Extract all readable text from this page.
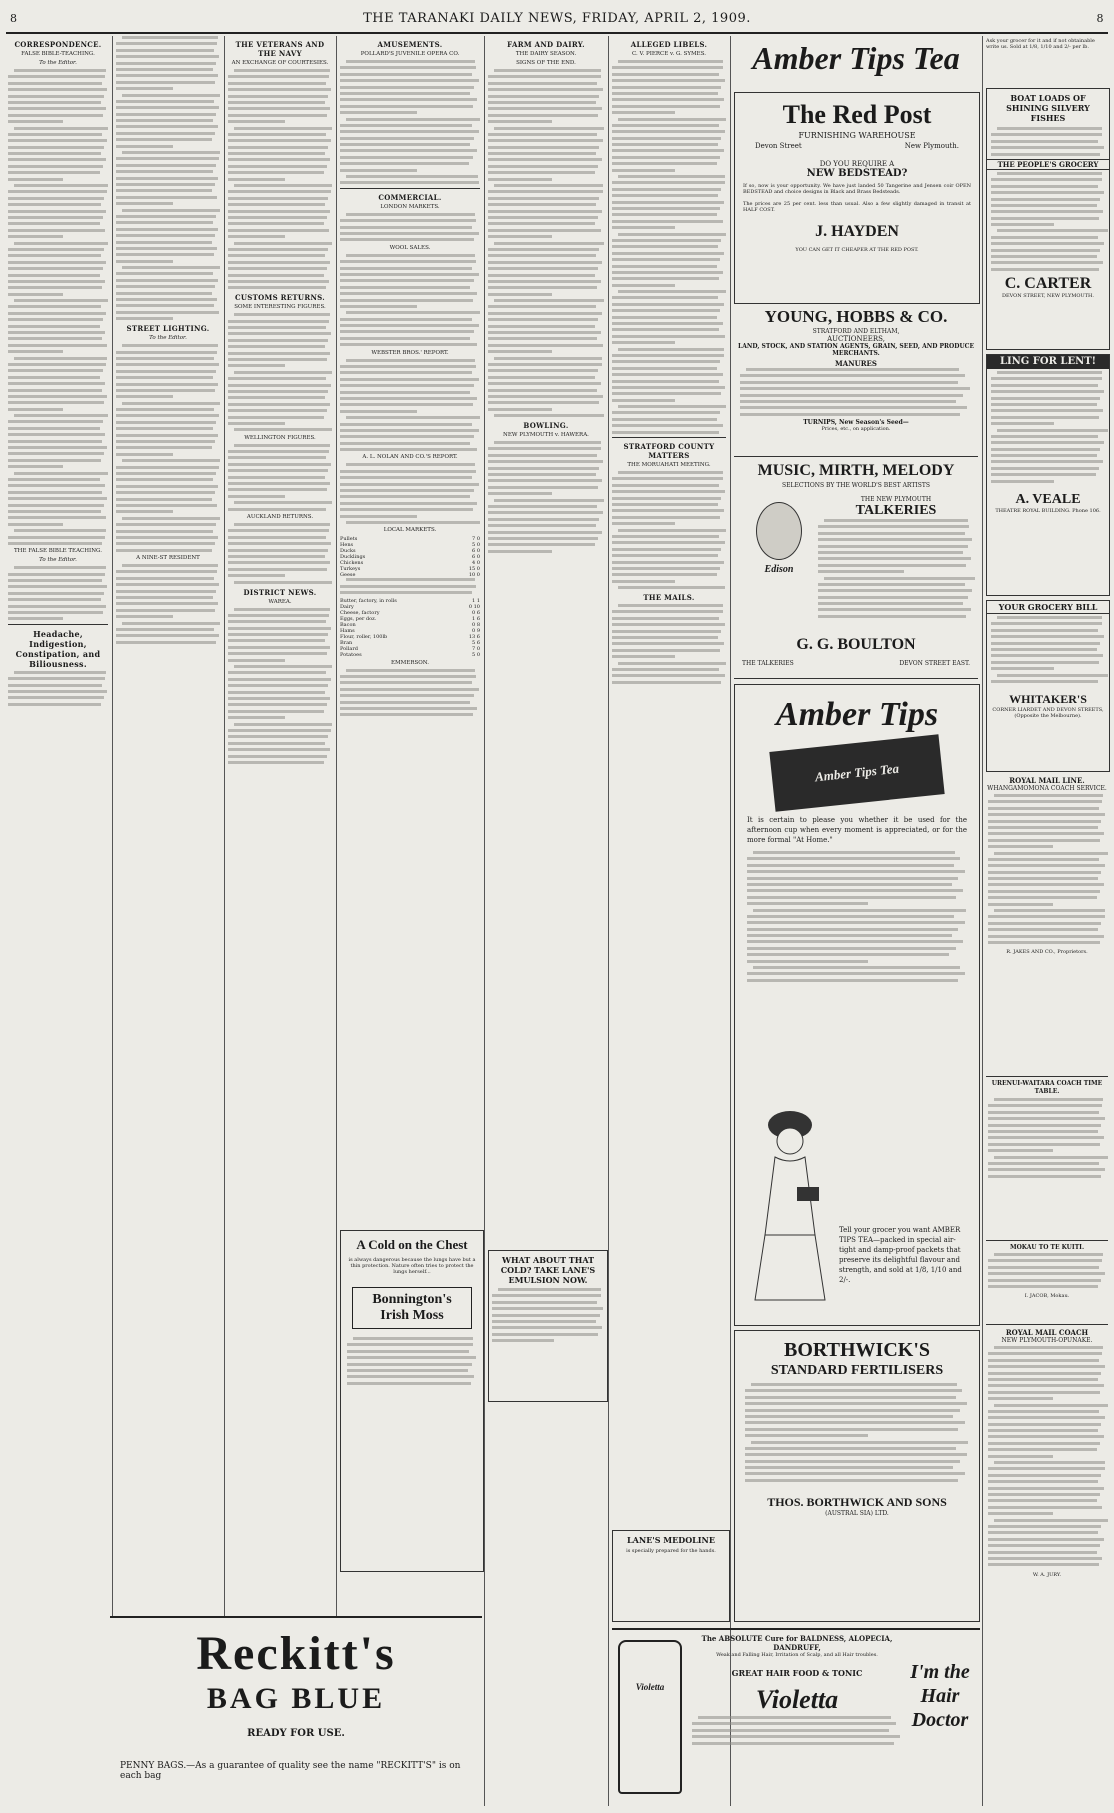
8	THE TARANAKI DAILY NEWS, FRIDAY, APRIL 2, 1909.	8
CORRESPONDENCE.
FALSE BIBLE-TEACHING.
To the Editor.
THE FALSE BIBLE TEACHING.
To the Editor.
Headache, Indigestion, Constipation, and Biliousness.
STREET LIGHTING.
To the Editor.
A NINE-ST RESIDENT
THE VETERANS AND THE NAVY
AN EXCHANGE OF COURTESIES.
CUSTOMS RETURNS.
SOME INTERESTING FIGURES.
WELLINGTON FIGURES.
AUCKLAND RETURNS.
DISTRICT NEWS.
WAREA.
AMUSEMENTS.
POLLARD'S JUVENILE OPERA CO.
COMMERCIAL.
LONDON MARKETS.
WOOL SALES.
WEBSTER BROS.' REPORT.
A. L. NOLAN AND CO.'S REPORT.
LOCAL MARKETS.
Pullets	7 0
Hens	5 0
Ducks	6 0
Ducklings	6 0
Chickens	4 0
Turkeys	15 0
Geese	10 0
Butter, factory, in rolls	1 1
Dairy	0 10
Cheese, factory	0 6
Eggs, per doz.	1 6
Bacon	0 8
Hams	0 9
Flour, roller, 100lb	13 6
Bran	5 6
Pollard	7 0
Potatoes	5 0
EMMERSON.
FARM AND DAIRY.
THE DAIRY SEASON.
SIGNS OF THE END.
BOWLING.
NEW PLYMOUTH v. HAWERA.
ALLEGED LIBELS.
C. V. PIERCE v. G. SYMES.
STRATFORD COUNTY MATTERS
THE MORUAHATI MEETING.
THE MAILS.
A Cold on the Chest
is always dangerous because the lungs have but a thin protection. Nature often tries to protect the lungs herself...
Bonnington's Irish Moss
WHAT ABOUT THAT COLD? TAKE LANE'S EMULSION NOW.
LANE'S MEDOLINE
is specially prepared for the hands.
Reckitt's
BAG BLUE
READY FOR USE.
PENNY BAGS.—As a guarantee of quality see the name "RECKITT'S" is on each bag
Violetta
The ABSOLUTE Cure for BALDNESS, ALOPECIA, DANDRUFF,
Weak and Falling Hair, Irritation of Scalp, and all Hair troubles.
GREAT HAIR FOOD & TONIC
Violetta
I'm the Hair Doctor
Amber Tips Tea	Ask your grocer for it and if not obtainable write us. Sold at 1/8, 1/10 and 2/- per lb.
The Red Post
FURNISHING WAREHOUSE
Devon Street	New Plymouth.
DO YOU REQUIRE A
NEW BEDSTEAD?
If so, now is your opportunity. We have just landed 50 Tangerine and Jensen coir OPEN BEDSTEAD and choice designs in Black and Brass Bedsteads.
The prices are 25 per cent. less than usual. Also a few slightly damaged in transit at HALF COST.
J. HAYDEN
YOU CAN GET IT CHEAPER AT THE RED POST.
YOUNG, HOBBS & CO.
STRATFORD AND ELTHAM,
AUCTIONEERS,
LAND, STOCK, AND STATION AGENTS, GRAIN, SEED, AND PRODUCE MERCHANTS.
MANURES
TURNIPS, New Season's Seed—
Prices, etc., on application.
MUSIC, MIRTH, MELODY
SELECTIONS BY THE WORLD'S BEST ARTISTS
Edison
THE NEW PLYMOUTH
TALKERIES
G. G. BOULTON
THE TALKERIES	DEVON STREET EAST.
Amber Tips
Amber Tips Tea
It is certain to please you whether it be used for the afternoon cup when every moment is appreciated, or for the more formal "At Home."
Tell your grocer you want AMBER TIPS TEA—packed in special air-tight and damp-proof packets that preserve its delightful flavour and strength, and sold at 1/8, 1/10 and 2/-.
BORTHWICK'S
STANDARD FERTILISERS
THOS. BORTHWICK AND SONS
(AUSTRAL SIA) LTD.
BOAT LOADS OF SHINING SILVERY FISHES
THE PEOPLE'S GROCERY
C. CARTER
DEVON STREET, NEW PLYMOUTH.
LING FOR LENT!
A. VEALE
THEATRE ROYAL BUILDING. Phone 106.
YOUR GROCERY BILL
WHITAKER'S
CORNER LIARDET AND DEVON STREETS, (Opposite the Melbourne).
ROYAL MAIL LINE.
WHANGAMOMONA COACH SERVICE.
R. JAKES AND CO., Proprietors.
URENUI-WAITARA COACH TIME TABLE.
MOKAU TO TE KUITI.
I. JACOB, Mokau.
ROYAL MAIL COACH
NEW PLYMOUTH-OPUNAKE.
W. A. JURY.
